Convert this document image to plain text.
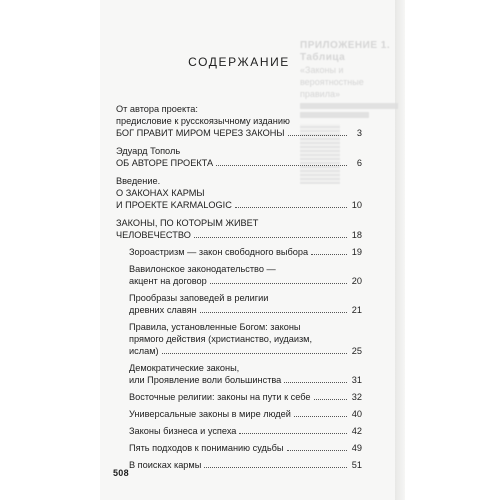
ПРИЛОЖЕНИЕ 1. Таблица
«Законы и вероятностные
правила»
СОДЕРЖАНИЕ
От автора проекта:
предисловие к русскоязычному изданию
БОГ ПРАВИТ МИРОМ ЧЕРЕЗ ЗАКОНЫ	3
Эдуард Тополь
ОБ АВТОРЕ ПРОЕКТА	6
Введение.
О ЗАКОНАХ КАРМЫ
И ПРОЕКТЕ KARMALOGIC	10
ЗАКОНЫ, ПО КОТОРЫМ ЖИВЕТ
ЧЕЛОВЕЧЕСТВО	18
Зороастризм — закон свободного выбора	19
Вавилонское законодательство —
акцент на договор	20
Прообразы заповедей в религии
древних славян	21
Правила, установленные Богом: законы
прямого действия (христианство, иудаизм,
ислам)	25
Демократические законы,
или Проявление воли большинства	31
Восточные религии: законы на пути к себе	32
Универсальные законы в мире людей	40
Законы бизнеса и успеха	42
Пять подходов к пониманию судьбы	49
В поисках кармы	51
508
